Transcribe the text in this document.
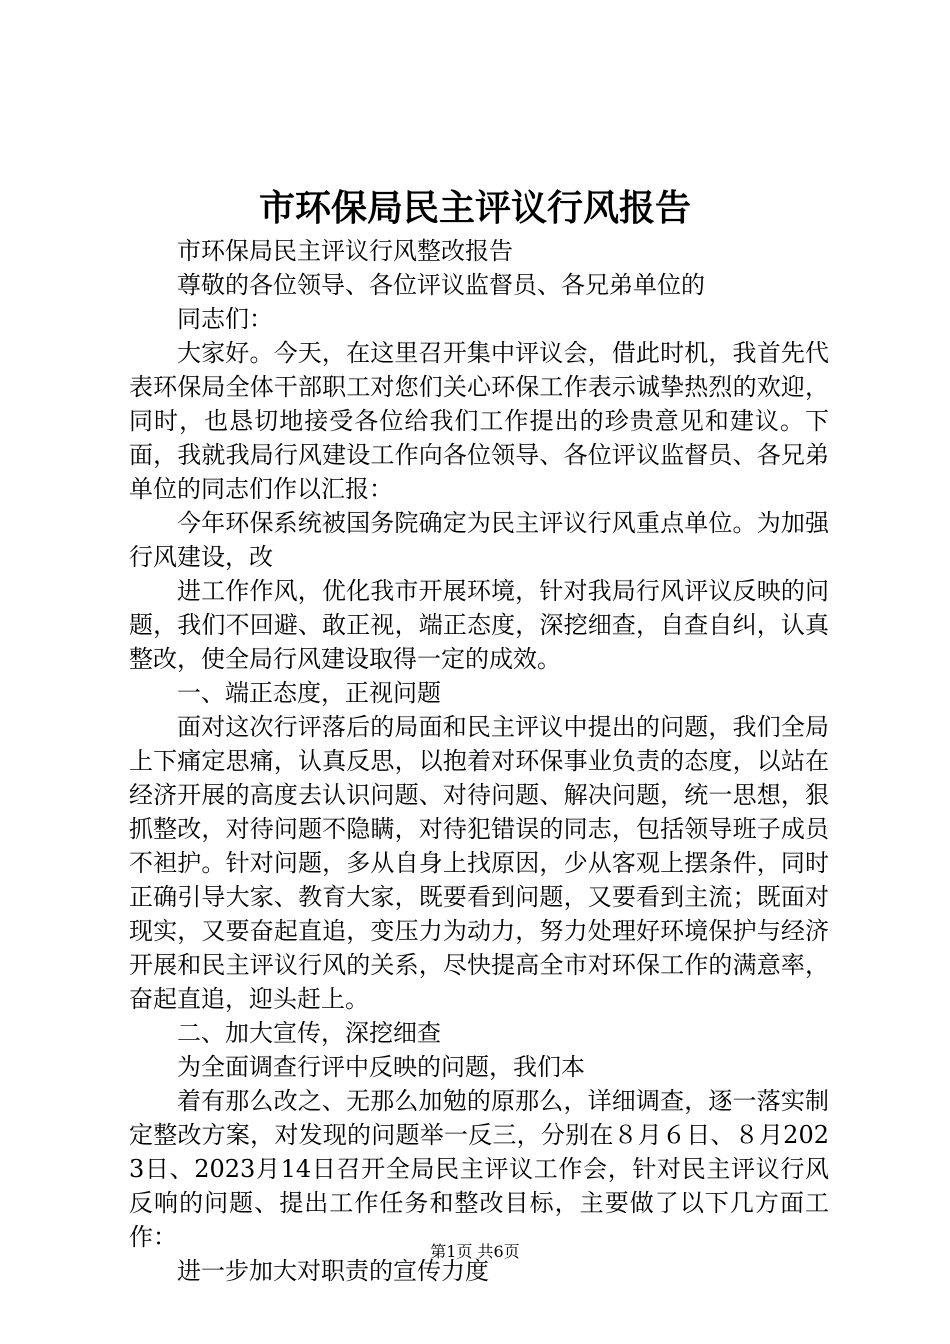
市环保局民主评议行风报告

市环保局民主评议行风整改报告

尊敬的各位领导、各位评议监督员、各兄弟单位的

同志们：

大家好。今天，在这里召开集中评议会，借此时机，我首先代表环保局全体干部职工对您们关心环保工作表示诚挚热烈的欢迎，同时，也恳切地接受各位给我们工作提出的珍贵意见和建议。下面，我就我局行风建设工作向各位领导、各位评议监督员、各兄弟单位的同志们作以汇报：

今年环保系统被国务院确定为民主评议行风重点单位。为加强行风建设，改

进工作作风，优化我市开展环境，针对我局行风评议反映的问题，我们不回避、敢正视，端正态度，深挖细查，自查自纠，认真整改，使全局行风建设取得一定的成效。

一、端正态度，正视问题

面对这次行评落后的局面和民主评议中提出的问题，我们全局上下痛定思痛，认真反思，以抱着对环保事业负责的态度，以站在经济开展的高度去认识问题、对待问题、解决问题，统一思想，狠抓整改，对待问题不隐瞒，对待犯错误的同志，包括领导班子成员不袒护。针对问题，多从自身上找原因，少从客观上摆条件，同时正确引导大家、教育大家，既要看到问题，又要看到主流；既面对现实，又要奋起直追，变压力为动力，努力处理好环境保护与经济开展和民主评议行风的关系，尽快提高全市对环保工作的满意率，奋起直追，迎头赶上。

二、加大宣传，深挖细查

为全面调查行评中反映的问题，我们本

着有那么改之、无那么加勉的原那么，详细调查，逐一落实制定整改方案，对发现的问题举一反三，分别在８月６日、８月2023日、2023月14日召开全局民主评议工作会，针对民主评议行风反响的问题、提出工作任务和整改目标，主要做了以下几方面工作：

进一步加大对职责的宣传力度

第1页 共6页
